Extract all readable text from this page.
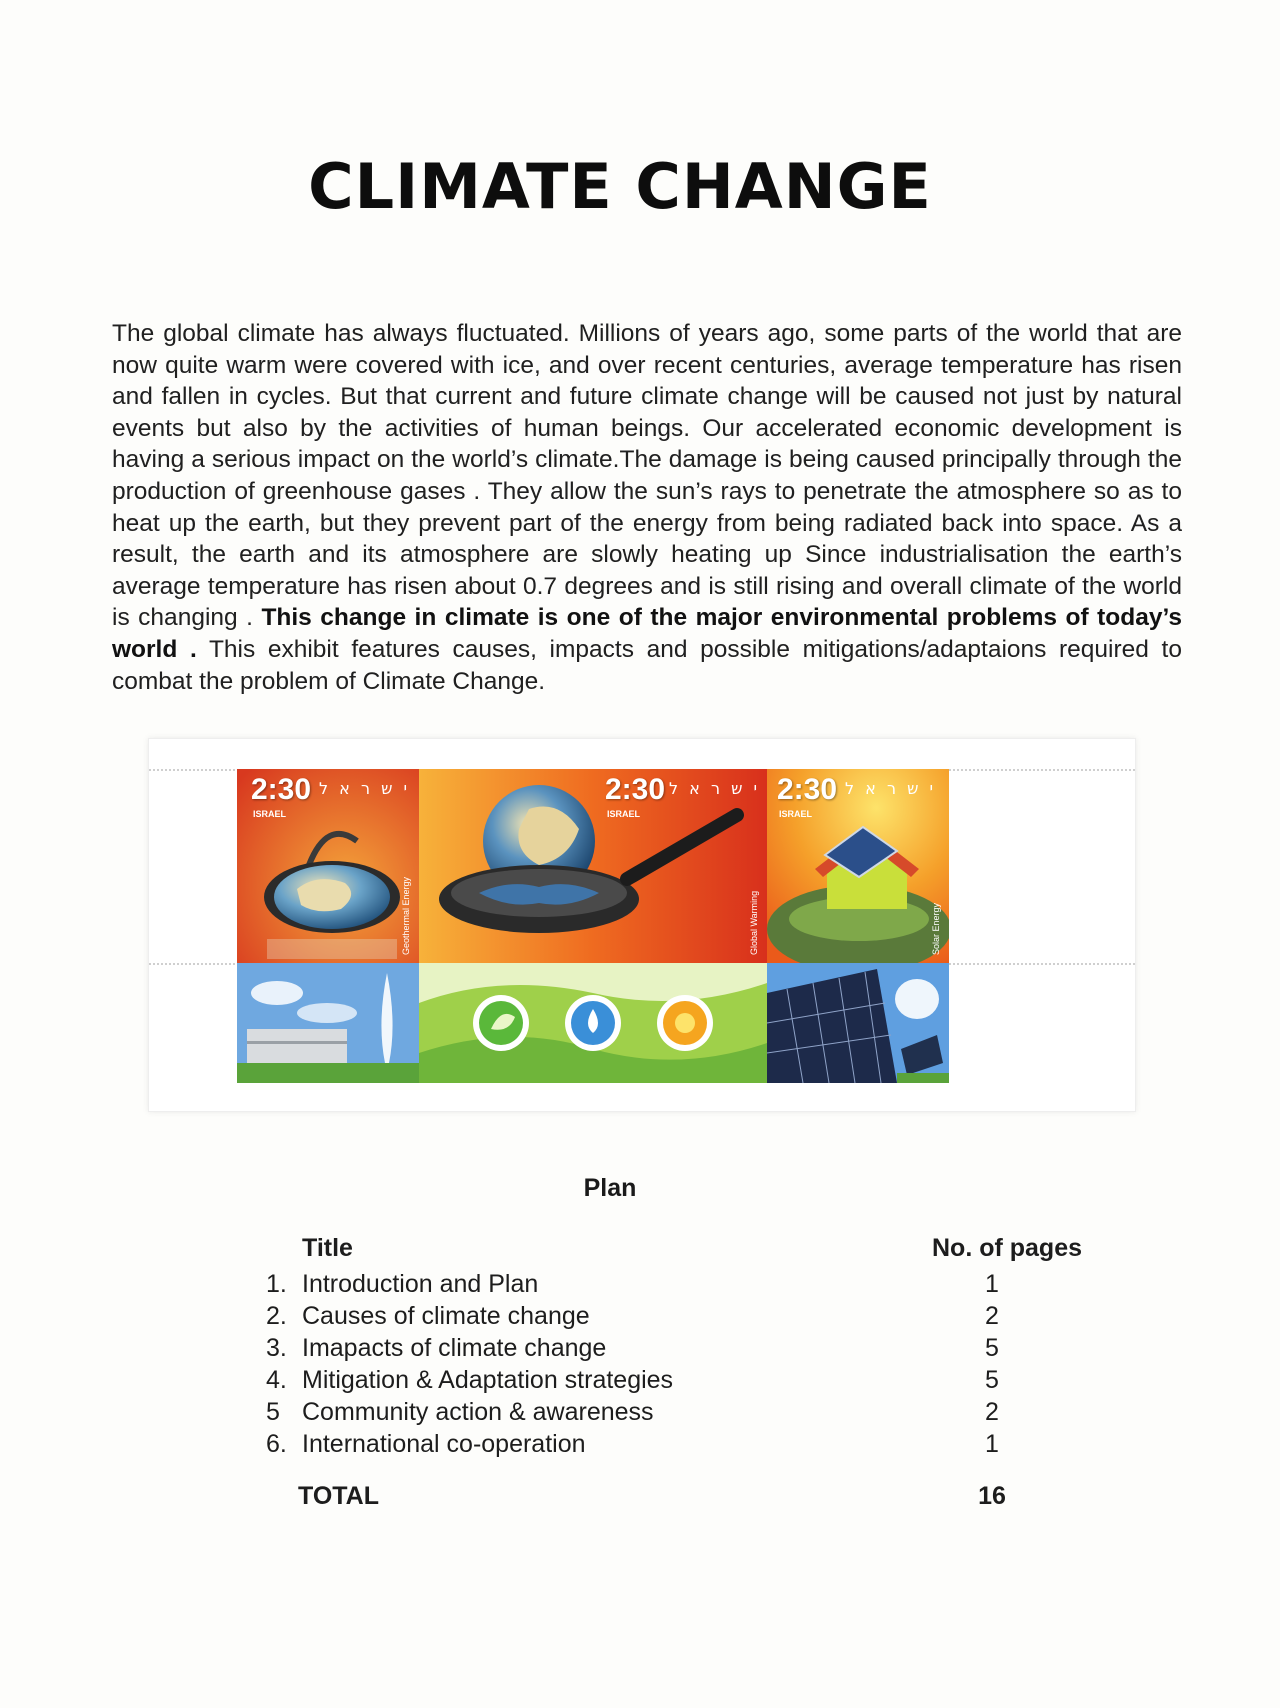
CLIMATE CHANGE
The global climate has always fluctuated. Millions of years ago, some parts of the world that are now quite warm were covered with ice, and over recent centuries, average temperature has risen and fallen in cycles. But that current and future climate change will be caused not just by natural events but also by the activities of human beings. Our accelerated economic development is having a serious impact on the world’s climate.The damage is being caused principally through the production of greenhouse gases . They allow the sun’s rays to penetrate the atmosphere so as to heat up the earth, but they prevent part of the energy from being radiated back into space. As a result, the earth and its atmosphere are slowly heating up Since industrialisation the earth’s average temperature has risen about 0.7 degrees and is still rising and overall climate of the world is changing . This change in climate is one of the major environmental problems of today’s world . This exhibit features causes, impacts and possible mitigations/adaptaions required to combat the problem of Climate Change.
2:30 י ש ר א ל
ISRAEL
Geothermal Energy
2:30 י ש ר א ל
ISRAEL
Global Warming
2:30 י ש ר א ל
ISRAEL
Solar Energy
Plan
Title	No. of pages
1. Introduction and Plan	1
2. Causes of climate change	2
3. Imapacts of climate change	5
4. Mitigation & Adaptation strategies	5
5 Community action & awareness	2
6. International co-operation	1
TOTAL	16
